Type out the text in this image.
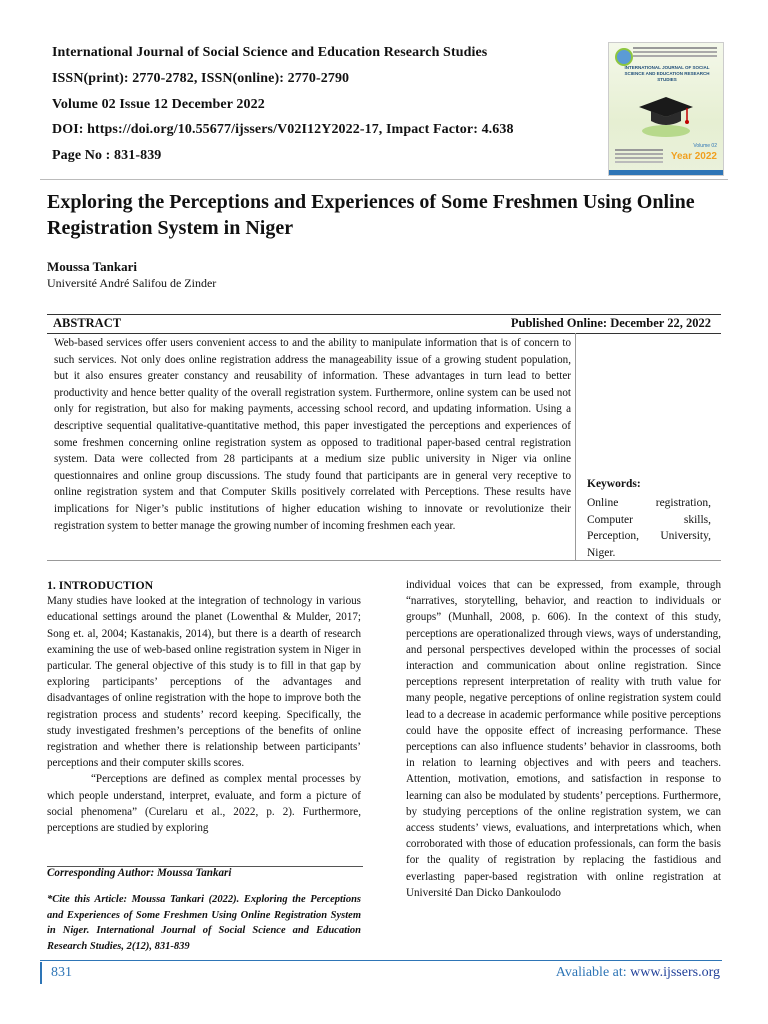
International Journal of Social Science and Education Research Studies
ISSN(print): 2770-2782, ISSN(online): 2770-2790
Volume 02 Issue 12 December 2022
DOI: https://doi.org/10.55677/ijssers/V02I12Y2022-17, Impact Factor: 4.638
Page No : 831-839
INTERNATIONAL JOURNAL OF SOCIAL SCIENCE AND EDUCATION RESEARCH STUDIES
Volume 02
Year 2022
Exploring the Perceptions and Experiences of Some Freshmen Using Online Registration System in Niger
Moussa Tankari
Université André Salifou de Zinder
ABSTRACT	Published Online: December 22, 2022

Web-based services offer users convenient access to and the ability to manipulate information that is of concern to such services. Not only does online registration address the manageability issue of a growing student population, but it also ensures greater constancy and reusability of information. These advantages in turn lead to better productivity and hence better quality of the overall registration system. Furthermore, online system can be used not only for registration, but also for making payments, accessing school record, and updating information. Using a descriptive sequential qualitative-quantitative method, this paper investigated the perceptions and experiences of some freshmen concerning online registration system as opposed to traditional paper-based central registration system. Data were collected from 28 participants at a medium size public university in Niger via online questionnaires and online group discussions. The study found that participants are in general very receptive to online registration system and that Computer Skills positively correlated with Perceptions. These results have implications for Niger’s public institutions of higher education wishing to innovate or revolutionize their registration system to better manage the growing number of incoming freshmen each year.

Keywords:
Online registration, Computer skills, Perception, University, Niger.

1. INTRODUCTION

Many studies have looked at the integration of technology in various educational settings around the planet (Lowenthal & Mulder, 2017; Song et. al, 2004; Kastanakis, 2014), but there is a dearth of research examining the use of web-based online registration system in Niger in particular. The general objective of this study is to fill in that gap by exploring participants’ perceptions of the advantages and disadvantages of online registration with the hope to improve both the registration process and students’ record keeping. Specifically, the study investigated freshmen’s perceptions of the benefits of online registration and whether there is relationship between participants’ perceptions and their computer skills scores.

“Perceptions are defined as complex mental processes by which people understand, interpret, evaluate, and form a picture of social phenomena” (Curelaru et al., 2022, p. 2). Furthermore, perceptions are studied by exploring

Corresponding Author: Moussa Tankari
*Cite this Article: Moussa Tankari (2022). Exploring the Perceptions and Experiences of Some Freshmen Using Online Registration System in Niger. International Journal of Social Science and Education Research Studies, 2(12), 831-839

individual voices that can be expressed, from example, through “narratives, storytelling, behavior, and reaction to individuals or groups” (Munhall, 2008, p. 606). In the context of this study, perceptions are operationalized through views, ways of understanding, and personal perspectives developed within the processes of social interaction and communication about online registration. Since perceptions represent interpretation of reality with truth value for many people, negative perceptions of online registration system could lead to a decrease in academic performance while positive perceptions could have the opposite effect of increasing performance. These perceptions can also influence students’ behavior in classrooms, both in relation to learning objectives and with peers and teachers. Attention, motivation, emotions, and satisfaction in response to learning can also be modulated by students’ perceptions. Furthermore, by studying perceptions of the online registration system, we can access students’ views, evaluations, and interpretations which, when corroborated with those of education professionals, can form the basis for the quality of registration by replacing the fastidious and everlasting paper-based registration with online registration at Université Dan Dicko Dankoulodo

831	Avaliable at: www.ijssers.org
